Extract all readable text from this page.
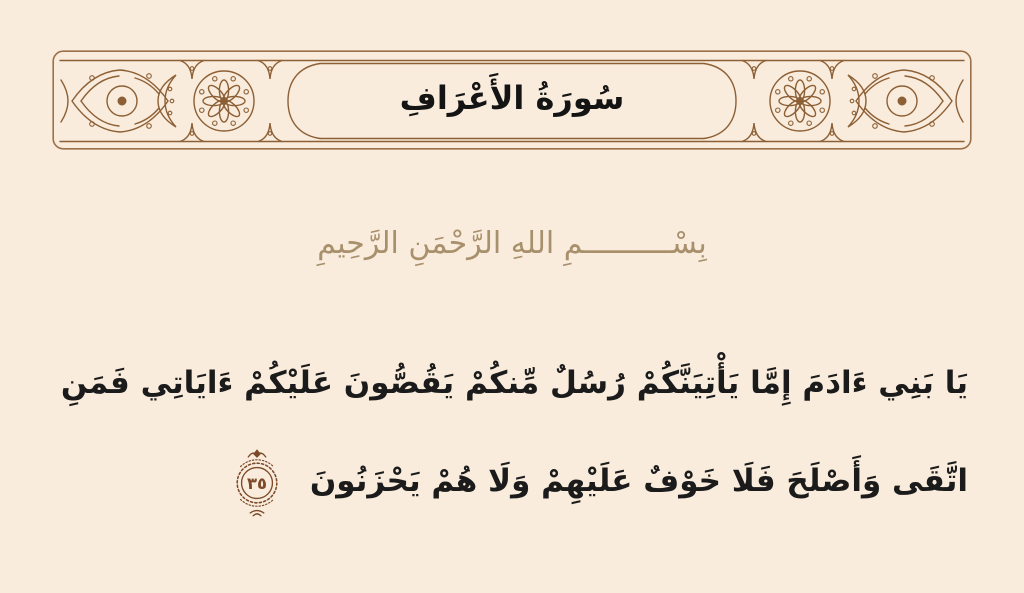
سُورَةُ الأَعْرَافِ
بِسْــــــــــمِ اللهِ الرَّحْمَنِ الرَّحِيمِ
يَا بَنِي ءَادَمَ إِمَّا يَأْتِيَنَّكُمْ رُسُلٌ مِّنكُمْ يَقُصُّونَ عَلَيْكُمْ ءَايَاتِي فَمَنِ
اتَّقَى وَأَصْلَحَ فَلَا خَوْفٌ عَلَيْهِمْ وَلَا هُمْ يَحْزَنُونَ
٣٥
